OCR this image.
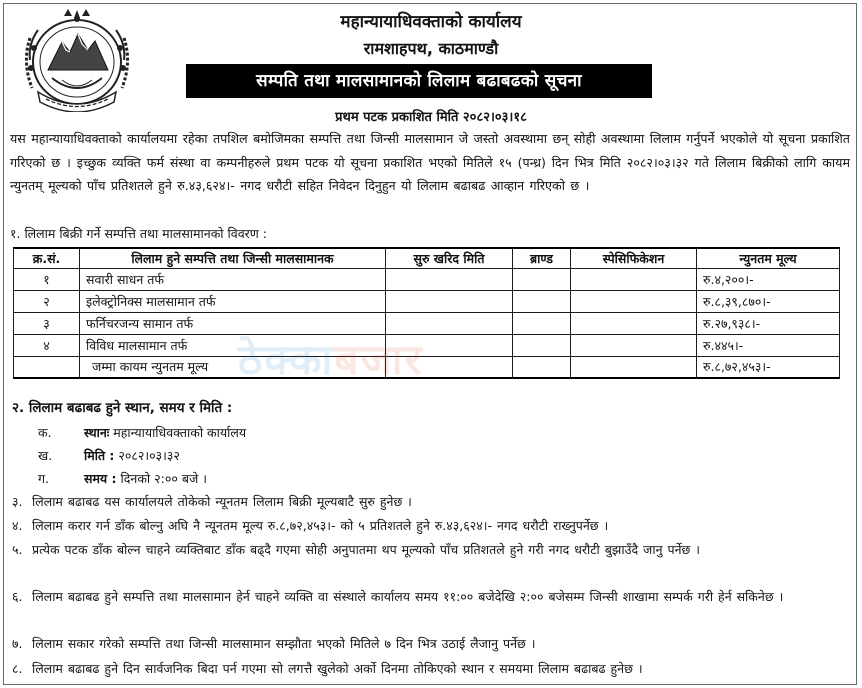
महान्यायाधिवक्ताको कार्यालय
रामशाहपथ, काठमाण्डौ
सम्पति तथा मालसामानको लिलाम बढाबढको सूचना
प्रथम पटक प्रकाशित मिति २०८२।०३।१८

यस महान्यायाधिवक्ताको कार्यालयमा रहेका तपशिल बमोजिमका सम्पत्ति तथा जिन्सी मालसामान जे जस्तो अवस्थामा छन् सोही अवस्थामा लिलाम गर्नुपर्ने भएकोले यो सूचना प्रकाशित गरिएको छ । इच्छुक व्यक्ति फर्म संस्था वा कम्पनीहरुले प्रथम पटक यो सूचना प्रकाशित भएको मितिले १५ (पन्ध्र) दिन भित्र मिति २०८२।०३।३२ गते लिलाम बिक्रीको लागि कायम न्युनतम् मूल्यको पाँच प्रतिशतले हुने रु.४३,६२४।- नगद धरौटी सहित निवेदन दिनुहुन यो लिलाम बढाबढ आव्हान गरिएको छ ।

१. लिलाम बिक्री गर्ने सम्पत्ति तथा मालसामानको विवरण :
क्र.सं.	लिलाम हुने सम्पत्ति तथा जिन्सी मालसामानक	सुरु खरिद मिति	ब्राण्ड	स्पेसिफिकेशन	न्युनतम मूल्य
१	सवारी साधन तर्फ				रु.४,२००।-
२	इलेक्ट्रोनिक्स मालसामान तर्फ				रु.८,३९,८७०।-
३	फर्निचरजन्य सामान तर्फ				रु.२७,९३८।-
४	विविध मालसामान तर्फ				रु.४४५।-
	जम्मा कायम न्युनतम मूल्य				रु.८,७२,४५३।-
ठेक्काबजार
२. लिलाम बढाबढ हुने स्थान, समय र मिति :
क.	स्थानः महान्यायाधिवक्ताको कार्यालय
ख.	मिति : २०८२।०३।३२
ग.	समय : दिनको २:०० बजे ।
३. लिलाम बढाबढ यस कार्यालयले तोकेको न्यूनतम लिलाम बिक्री मूल्यबाटै सुरु हुनेछ ।
४. लिलाम करार गर्न डाँक बोल्नु अघि नै न्यूनतम मूल्य रु.८,७२,४५३।- को ५ प्रतिशतले हुने रु.४३,६२४।- नगद धरौटी राख्नुपर्नेछ ।
५. प्रत्येक पटक डाँक बोल्न चाहने व्यक्तिबाट डाँक बढ्दै गएमा सोही अनुपातमा थप मूल्यको पाँच प्रतिशतले हुने गरी नगद धरौटी बुझाउँदै जानु पर्नेछ ।
६. लिलाम बढाबढ हुने सम्पत्ति तथा मालसामान हेर्न चाहने व्यक्ति वा संस्थाले कार्यालय समय ११:०० बजेदेखि २:०० बजेसम्म जिन्सी शाखामा सम्पर्क गरी हेर्न सकिनेछ ।
७. लिलाम सकार गरेको सम्पत्ति तथा जिन्सी मालसामान सम्झौता भएको मितिले ७ दिन भित्र उठाई लैजानु पर्नेछ ।
८. लिलाम बढाबढ हुने दिन सार्वजनिक बिदा पर्न गएमा सो लगत्तै खुलेको अर्को दिनमा तोकिएको स्थान र समयमा लिलाम बढाबढ हुनेछ ।
